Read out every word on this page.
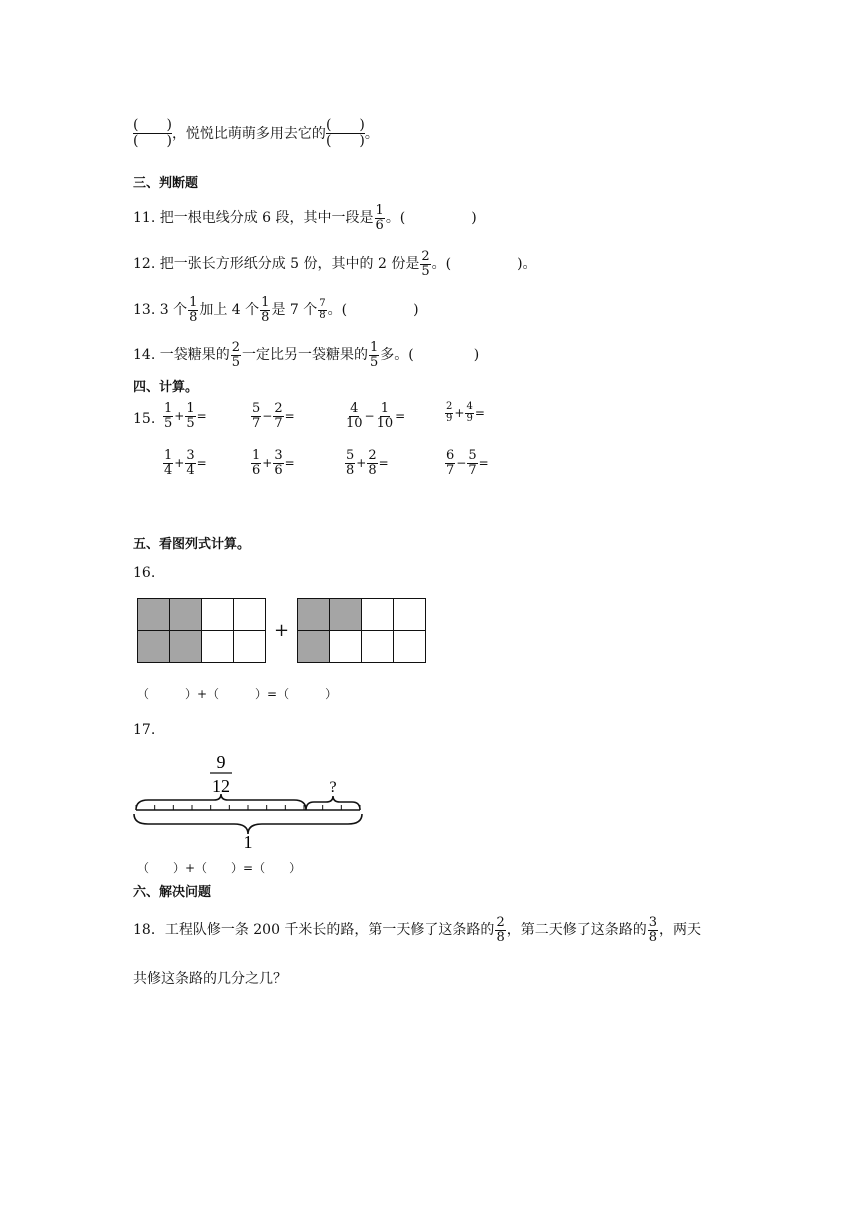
(　　)
(　　) ，悦悦比萌萌多用去它的
(　　)
(　　) 。
三、判断题
11. 把一根电线分成 6 段，其中一段是 $\frac{1}{6}$ 。(	)
12. 把一张长方形纸分成 5 份，其中的 2 份是 $\frac{2}{5}$ 。(	)。
13. 3 个 $\frac{1}{8}$ 加上 4 个 $\frac{1}{8}$ 是 7 个 $\frac{7}{8}$ 。(	)
14. 一袋糖果的 $\frac{2}{5}$ 一定比另一袋糖果的 $\frac{1}{5}$ 多。(	)
四、计算。
15. $\frac{1}{5} + \frac{1}{5}$ =	$\frac{5}{7} - \frac{2}{7}$ =	$\frac{4}{10} - \frac{1}{10}$ =	$\frac{2}{9} + \frac{4}{9}$ =
$\frac{1}{4} + \frac{3}{4}$ =	$\frac{1}{6} + \frac{3}{6}$ =	$\frac{5}{8} + \frac{2}{8}$ =	$\frac{6}{7} - \frac{5}{7}$ =
五、看图列式计算。
16.

+

（　　　）+（　　　）=（　　　）
17.
9
12	?
1
（　　）+（　　）=（　　）
六、解决问题
18．工程队修一条 200 千米长的路，第一天修了这条路的 $\frac{2}{8}$ ，第二天修了这条路的 $\frac{3}{8}$ ，两天
共修这条路的几分之几？
